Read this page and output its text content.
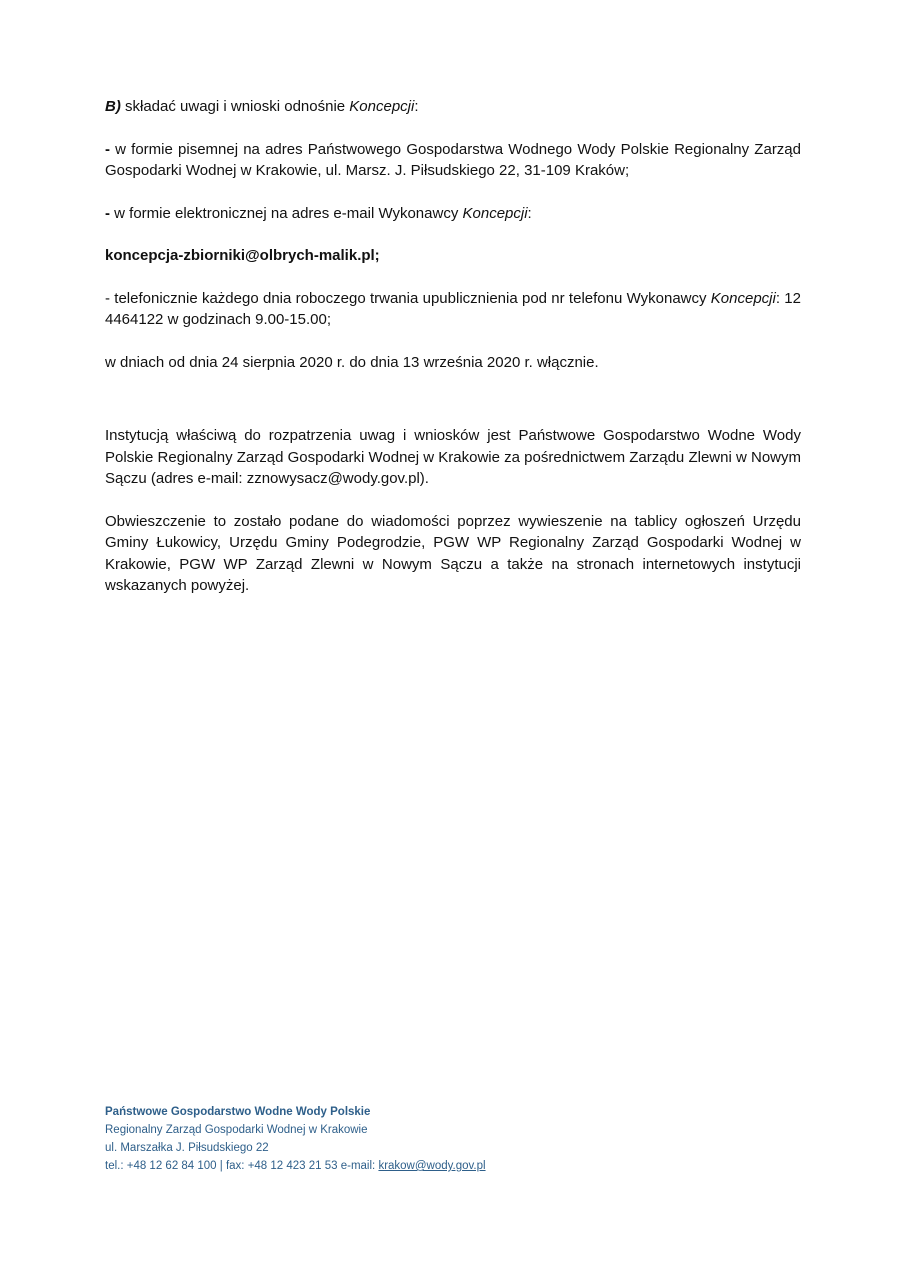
B) składać uwagi i wnioski odnośnie Koncepcji:

- w formie pisemnej na adres Państwowego Gospodarstwa Wodnego Wody Polskie Regionalny Zarząd Gospodarki Wodnej w Krakowie, ul. Marsz. J. Piłsudskiego 22, 31-109 Kraków;

- w formie elektronicznej na adres e-mail Wykonawcy Koncepcji:

koncepcja-zbiorniki@olbrych-malik.pl;

- telefonicznie każdego dnia roboczego trwania upublicznienia pod nr telefonu Wykonawcy Koncepcji: 12 4464122 w godzinach 9.00-15.00;

w dniach od dnia 24 sierpnia 2020 r. do dnia 13 września 2020 r. włącznie.

Instytucją właściwą do rozpatrzenia uwag i wniosków jest Państwowe Gospodarstwo Wodne Wody Polskie Regionalny Zarząd Gospodarki Wodnej w Krakowie za pośrednictwem Zarządu Zlewni w Nowym Sączu (adres e-mail: zznowysacz@wody.gov.pl).

Obwieszczenie to zostało podane do wiadomości poprzez wywieszenie na tablicy ogłoszeń Urzędu Gminy Łukowicy, Urzędu Gminy Podegrodzie, PGW WP Regionalny Zarząd Gospodarki Wodnej w Krakowie, PGW WP Zarząd Zlewni w Nowym Sączu a także na stronach internetowych instytucji wskazanych powyżej.

Państwowe Gospodarstwo Wodne Wody Polskie
Regionalny Zarząd Gospodarki Wodnej w Krakowie
ul. Marszałka J. Piłsudskiego 22
tel.: +48 12 62 84 100 | fax: +48 12 423 21 53 e-mail: krakow@wody.gov.pl
